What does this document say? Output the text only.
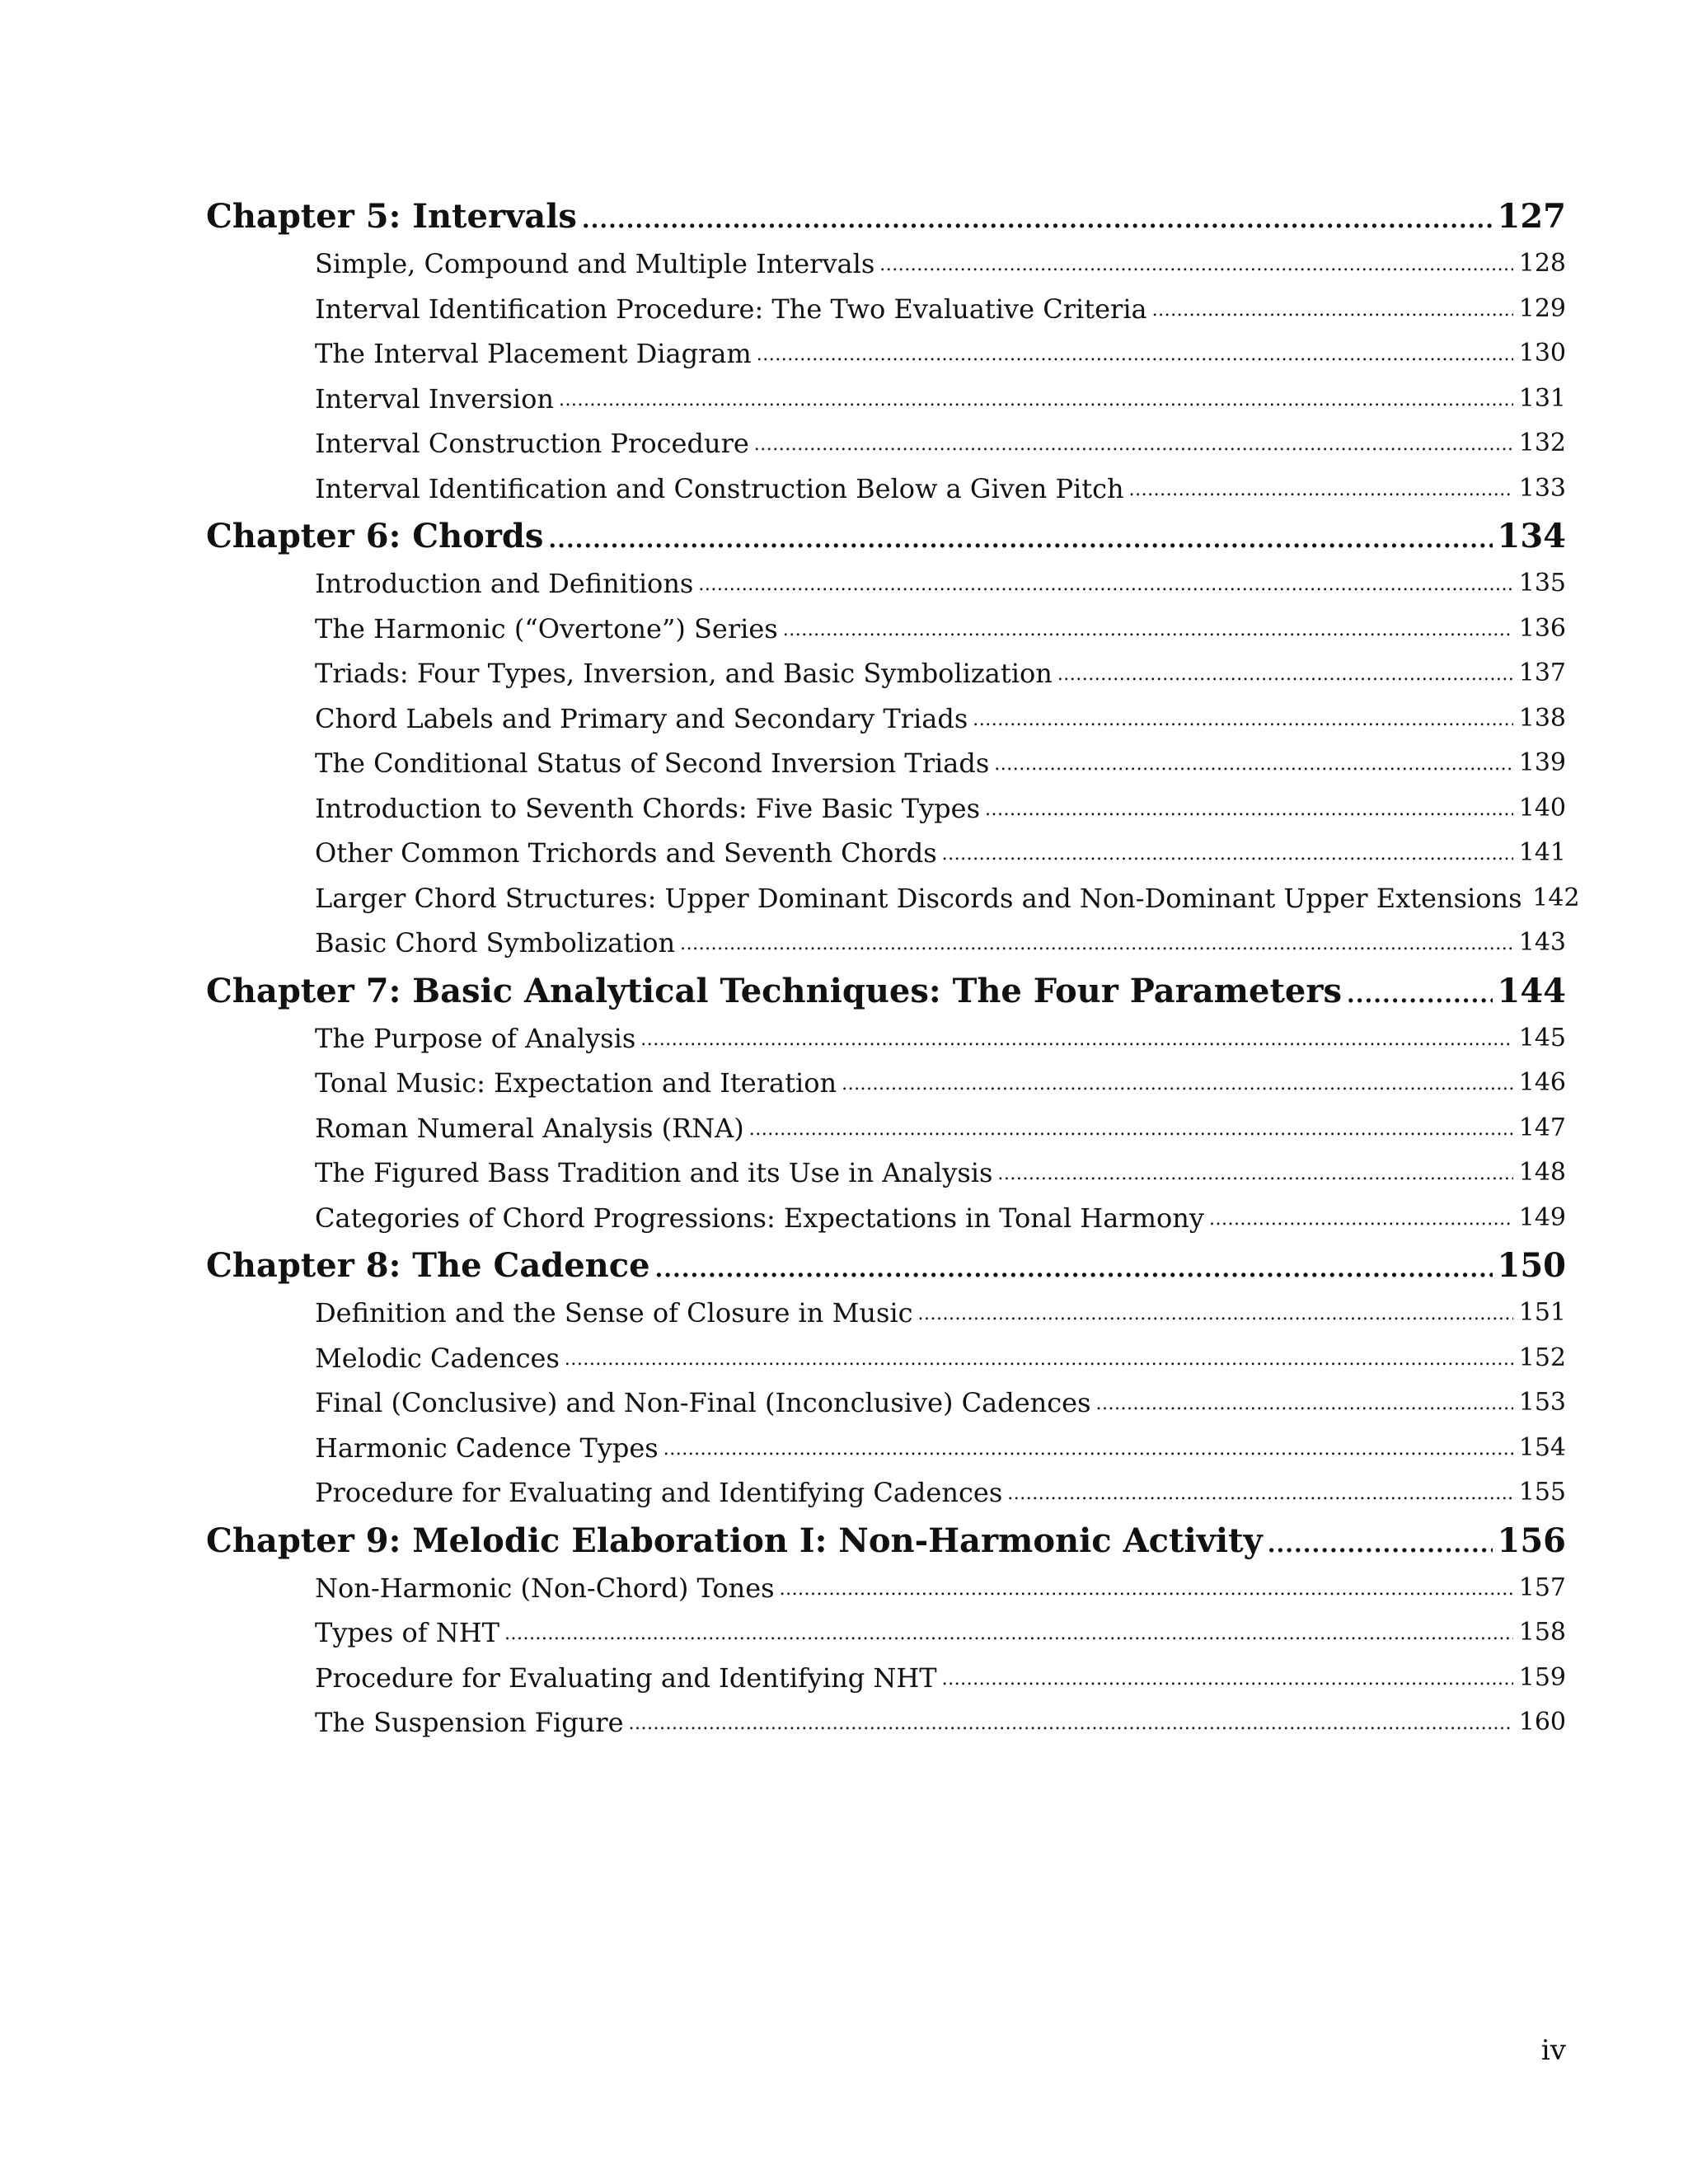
Chapter 5: Intervals .....	127
Simple, Compound and Multiple Intervals .....	128
Interval Identification Procedure: The Two Evaluative Criteria .....	129
The Interval Placement Diagram .....	130
Interval Inversion .....	131
Interval Construction Procedure .....	132
Interval Identification and Construction Below a Given Pitch .....	133
Chapter 6: Chords .....	134
Introduction and Definitions .....	135
The Harmonic (“Overtone”) Series .....	136
Triads: Four Types, Inversion, and Basic Symbolization .....	137
Chord Labels and Primary and Secondary Triads .....	138
The Conditional Status of Second Inversion Triads .....	139
Introduction to Seventh Chords: Five Basic Types .....	140
Other Common Trichords and Seventh Chords .....	141
Larger Chord Structures: Upper Dominant Discords and Non-Dominant Upper Extensions 142
Basic Chord Symbolization .....	143
Chapter 7: Basic Analytical Techniques: The Four Parameters .....	144
The Purpose of Analysis .....	145
Tonal Music: Expectation and Iteration .....	146
Roman Numeral Analysis (RNA) .....	147
The Figured Bass Tradition and its Use in Analysis .....	148
Categories of Chord Progressions: Expectations in Tonal Harmony .....	149
Chapter 8: The Cadence .....	150
Definition and the Sense of Closure in Music .....	151
Melodic Cadences .....	152
Final (Conclusive) and Non-Final (Inconclusive) Cadences .....	153
Harmonic Cadence Types .....	154
Procedure for Evaluating and Identifying Cadences .....	155
Chapter 9: Melodic Elaboration I: Non-Harmonic Activity .....	156
Non-Harmonic (Non-Chord) Tones .....	157
Types of NHT .....	158
Procedure for Evaluating and Identifying NHT .....	159
The Suspension Figure .....	160
iv
